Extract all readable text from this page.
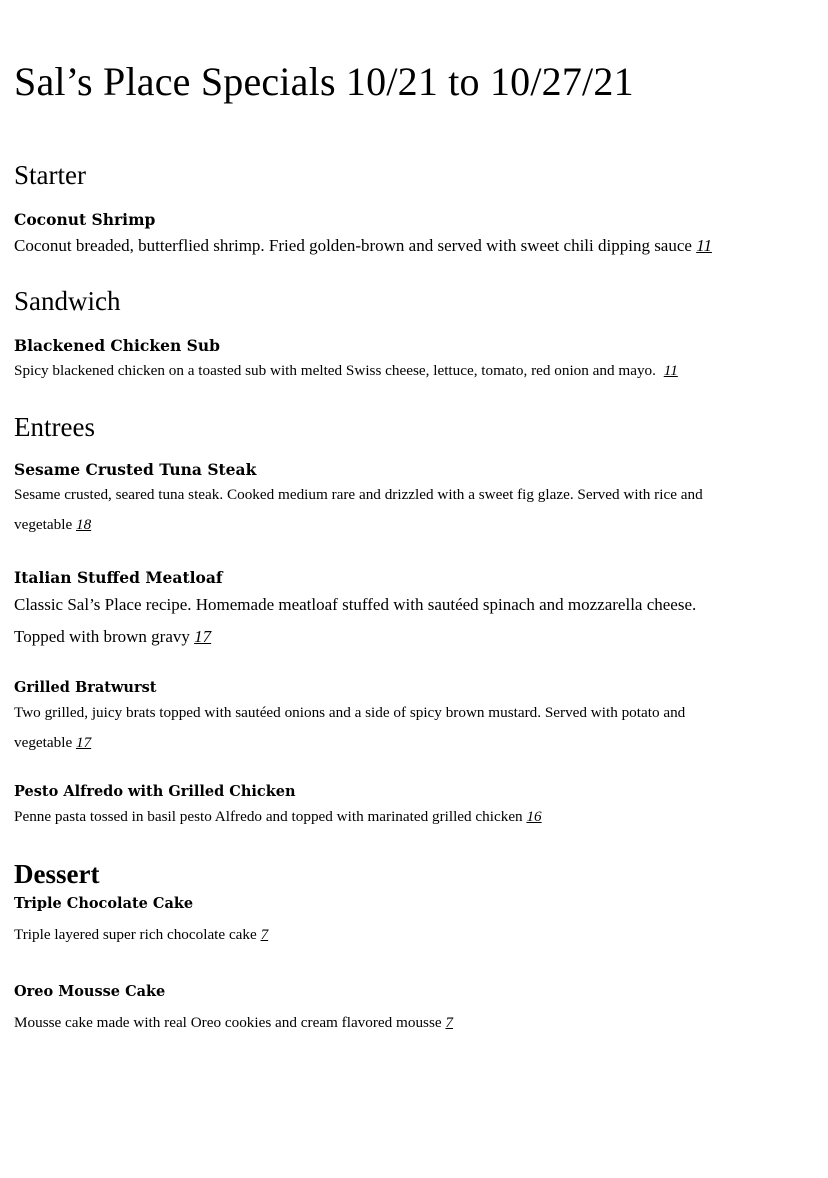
Sal’s Place Specials 10/21 to 10/27/21
Starter
Coconut Shrimp
Coconut breaded, butterflied shrimp. Fried golden-brown and served with sweet chili dipping sauce 11
Sandwich
Blackened Chicken Sub
Spicy blackened chicken on a toasted sub with melted Swiss cheese, lettuce, tomato, red onion and mayo. 11
Entrees
Sesame Crusted Tuna Steak
Sesame crusted, seared tuna steak. Cooked medium rare and drizzled with a sweet fig glaze. Served with rice and
vegetable 18
Italian Stuffed Meatloaf
Classic Sal’s Place recipe. Homemade meatloaf stuffed with sautéed spinach and mozzarella cheese.
Topped with brown gravy 17
Grilled Bratwurst
Two grilled, juicy brats topped with sautéed onions and a side of spicy brown mustard. Served with potato and
vegetable 17
Pesto Alfredo with Grilled Chicken
Penne pasta tossed in basil pesto Alfredo and topped with marinated grilled chicken 16
Dessert
Triple Chocolate Cake
Triple layered super rich chocolate cake 7
Oreo Mousse Cake
Mousse cake made with real Oreo cookies and cream flavored mousse 7
